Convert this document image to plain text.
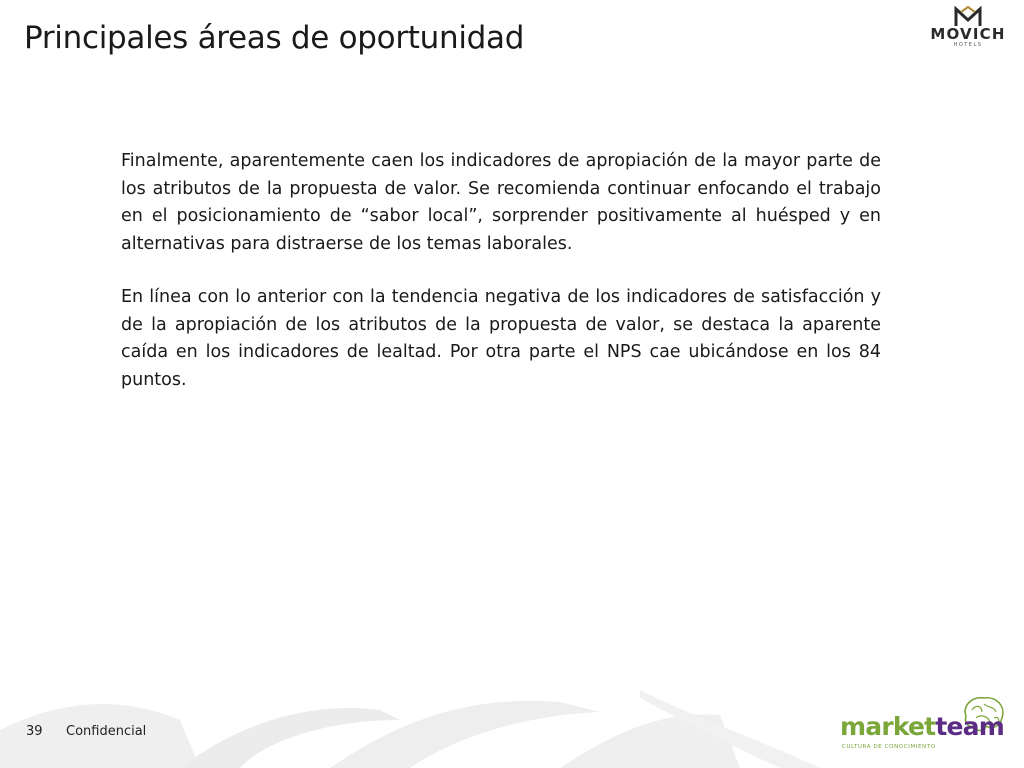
Principales áreas de oportunidad	MOVICH
HOTELS

Finalmente, aparentemente caen los indicadores de apropiación de la mayor parte de los atributos de la propuesta de valor. Se recomienda continuar enfocando el trabajo en el posicionamiento de “sabor local”, sorprender positivamente al huésped y en alternativas para distraerse de los temas laborales.

En línea con lo anterior con la tendencia negativa de los indicadores de satisfacción y de la apropiación de los atributos de la propuesta de valor, se destaca la aparente caída en los indicadores de lealtad. Por otra parte el NPS cae ubicándose en los 84 puntos.

39 Confidencial	marketteam
CULTURA DE CONOCIMIENTO
